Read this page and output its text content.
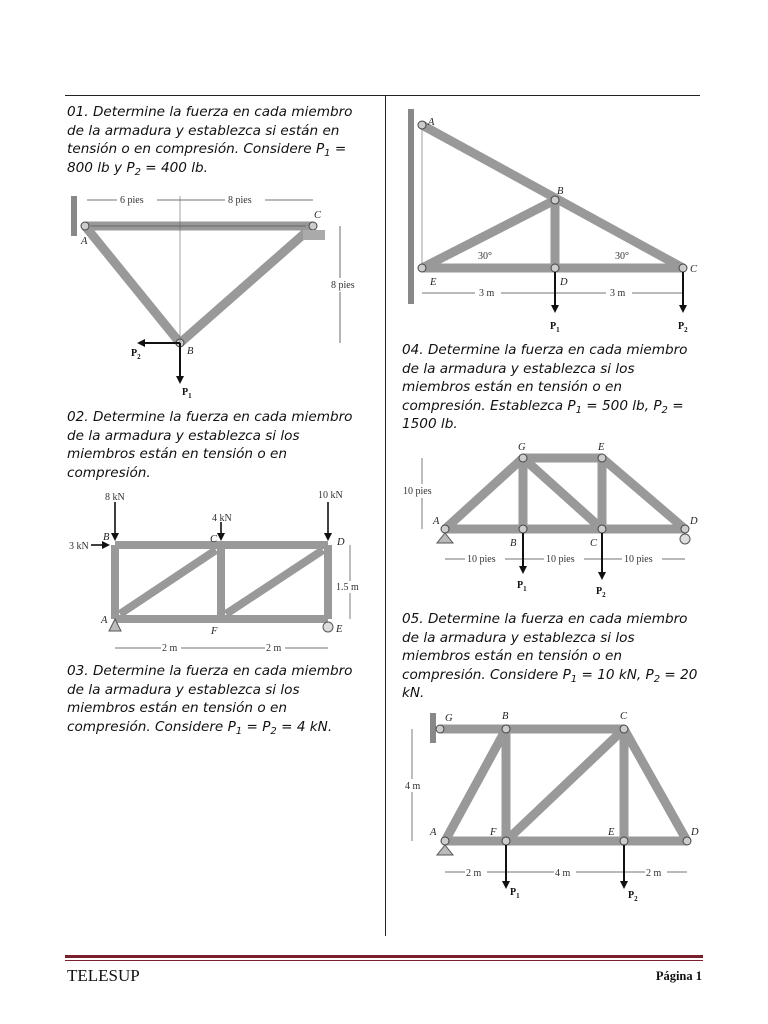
01. Determine la fuerza en cada miembro de la armadura y establezca si están en tensión o en compresión. Considere $P_1 = 800$ lb y $P_2 = 400$ lb.
6 pies	8 pies
8 pies
A
C
B
$P_2$
$P_1$
02. Determine la fuerza en cada miembro de la armadura y establezca si los miembros están en tensión o en compresión.
8 kN
4 kN
10 kN
3 kN
B	C	D
A
E
F
1.5 m
2 m	2 m
03. Determine la fuerza en cada miembro de la armadura y establezca si los miembros están en tensión o en compresión. Considere $P_1 = P_2 = 4$ kN.
A
B
C
D
E
30°	30°
3 m	3 m
$P_1$	$P_2$
04. Determine la fuerza en cada miembro de la armadura y establezca si los miembros están en tensión o en compresión. Establezca $P_1 = 500$ lb, $P_2 = 1500$ lb.
10 pies
A
B	C
D
E
G
10 pies	10 pies	10 pies
$P_1$	$P_2$
05. Determine la fuerza en cada miembro de la armadura y establezca si los miembros están en tensión o en compresión. Considere $P_1 = 10$ kN, $P_2 = 20$ kN.
G	B	C
A	F	E	D
4 m
2 m	4 m	2 m
$P_1$	$P_2$
TELESUP	Página 1
